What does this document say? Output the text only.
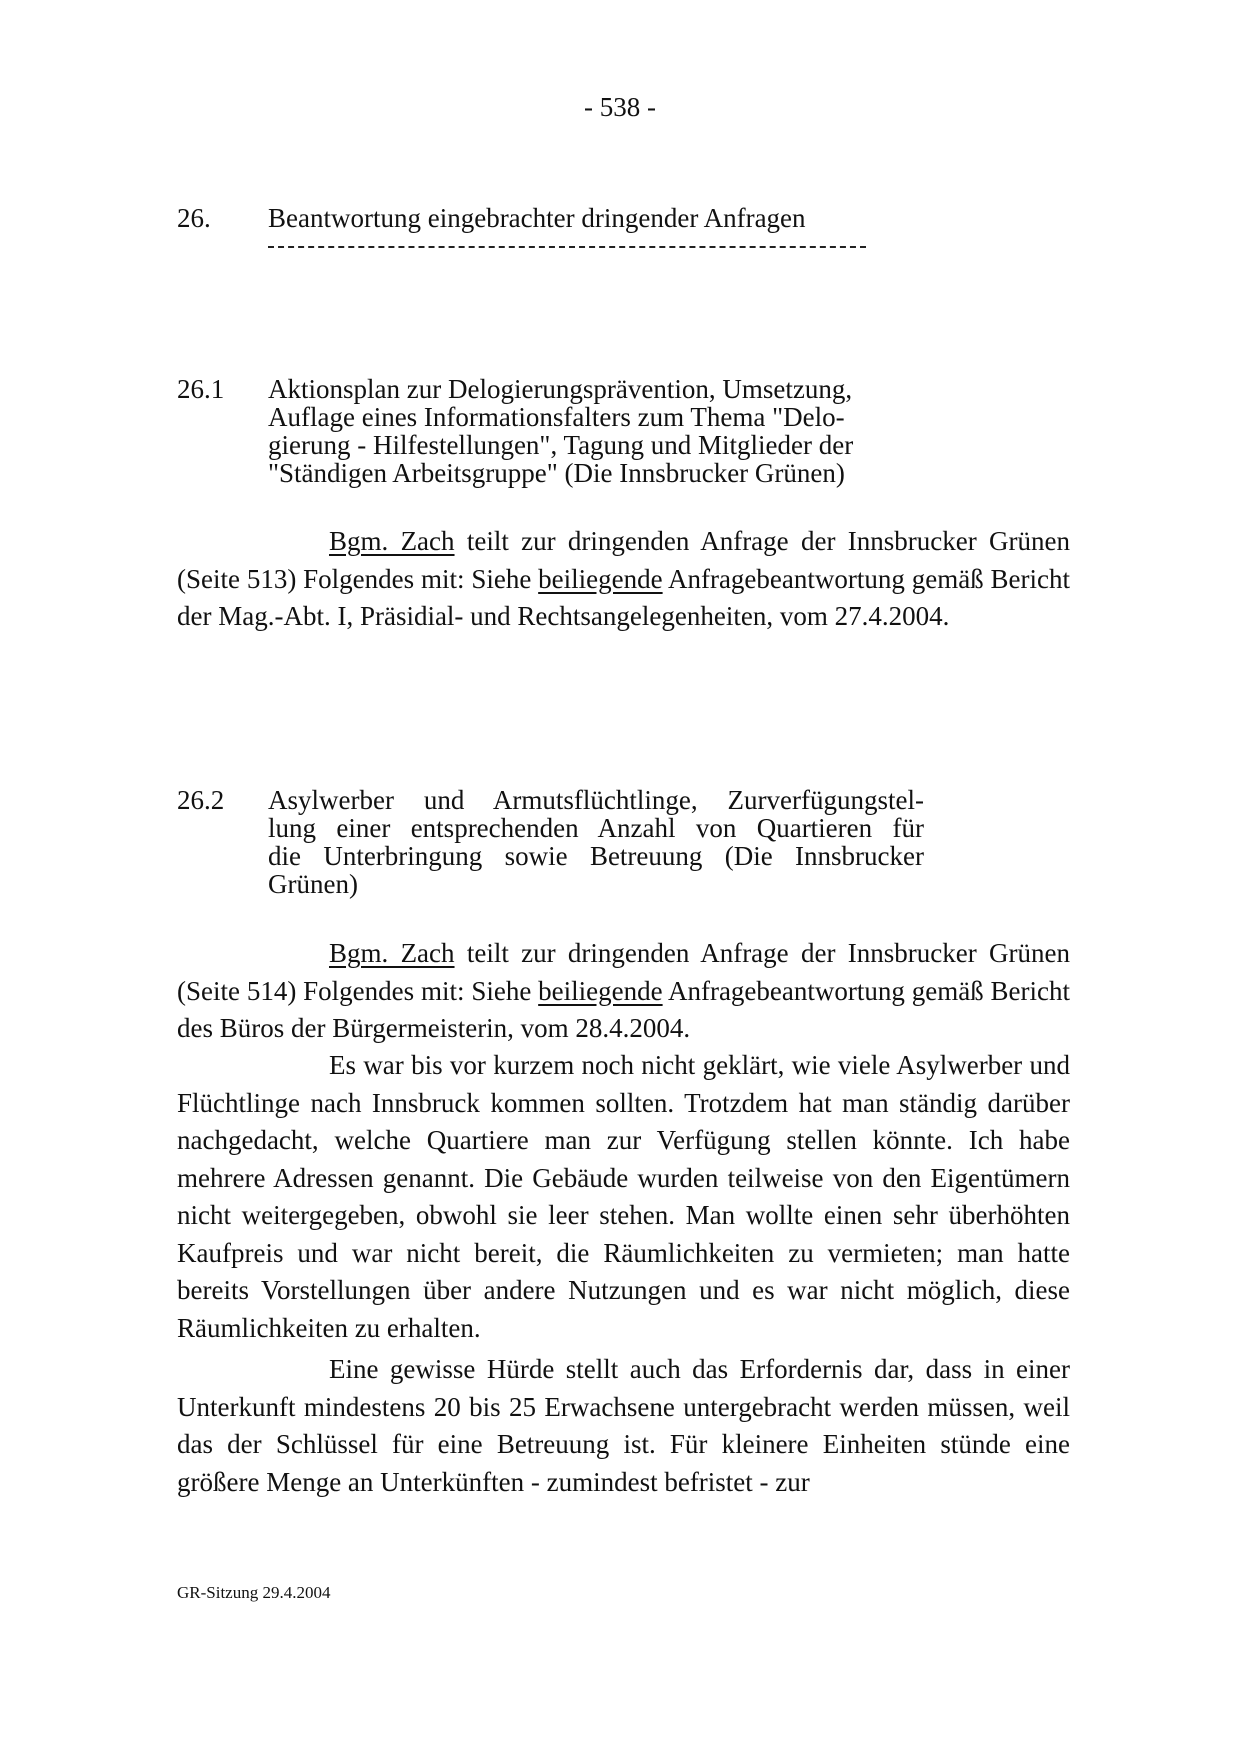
- 538 -
26. Beantwortung eingebrachter dringender Anfragen
26.1 Aktionsplan zur Delogierungsprävention, Umsetzung,
Auflage eines Informationsfalters zum Thema "Delo-
gierung - Hilfestellungen", Tagung und Mitglieder der
"Ständigen Arbeitsgruppe" (Die Innsbrucker Grünen)
Bgm. Zach teilt zur dringenden Anfrage der Innsbrucker Grünen (Seite 513) Folgendes mit: Siehe beiliegende Anfragebeantwortung gemäß Bericht der Mag.-Abt. I, Präsidial- und Rechtsangelegenheiten, vom 27.4.2004.
26.2 Asylwerber und Armutsflüchtlinge, Zurverfügungstel-
lung einer entsprechenden Anzahl von Quartieren für
die Unterbringung sowie Betreuung (Die Innsbrucker
Grünen)
Bgm. Zach teilt zur dringenden Anfrage der Innsbrucker Grünen (Seite 514) Folgendes mit: Siehe beiliegende Anfragebeantwortung gemäß Bericht des Büros der Bürgermeisterin, vom 28.4.2004.
Es war bis vor kurzem noch nicht geklärt, wie viele Asylwerber und Flüchtlinge nach Innsbruck kommen sollten. Trotzdem hat man ständig darüber nachgedacht, welche Quartiere man zur Verfügung stellen könnte. Ich habe mehrere Adressen genannt. Die Gebäude wurden teilweise von den Eigentümern nicht weitergegeben, obwohl sie leer stehen. Man wollte einen sehr überhöhten Kaufpreis und war nicht bereit, die Räumlichkeiten zu vermieten; man hatte bereits Vorstellungen über andere Nutzungen und es war nicht möglich, diese Räumlichkeiten zu erhalten.
Eine gewisse Hürde stellt auch das Erfordernis dar, dass in einer Unterkunft mindestens 20 bis 25 Erwachsene untergebracht werden müssen, weil das der Schlüssel für eine Betreuung ist. Für kleinere Einheiten stünde eine größere Menge an Unterkünften - zumindest befristet - zur
GR-Sitzung 29.4.2004
